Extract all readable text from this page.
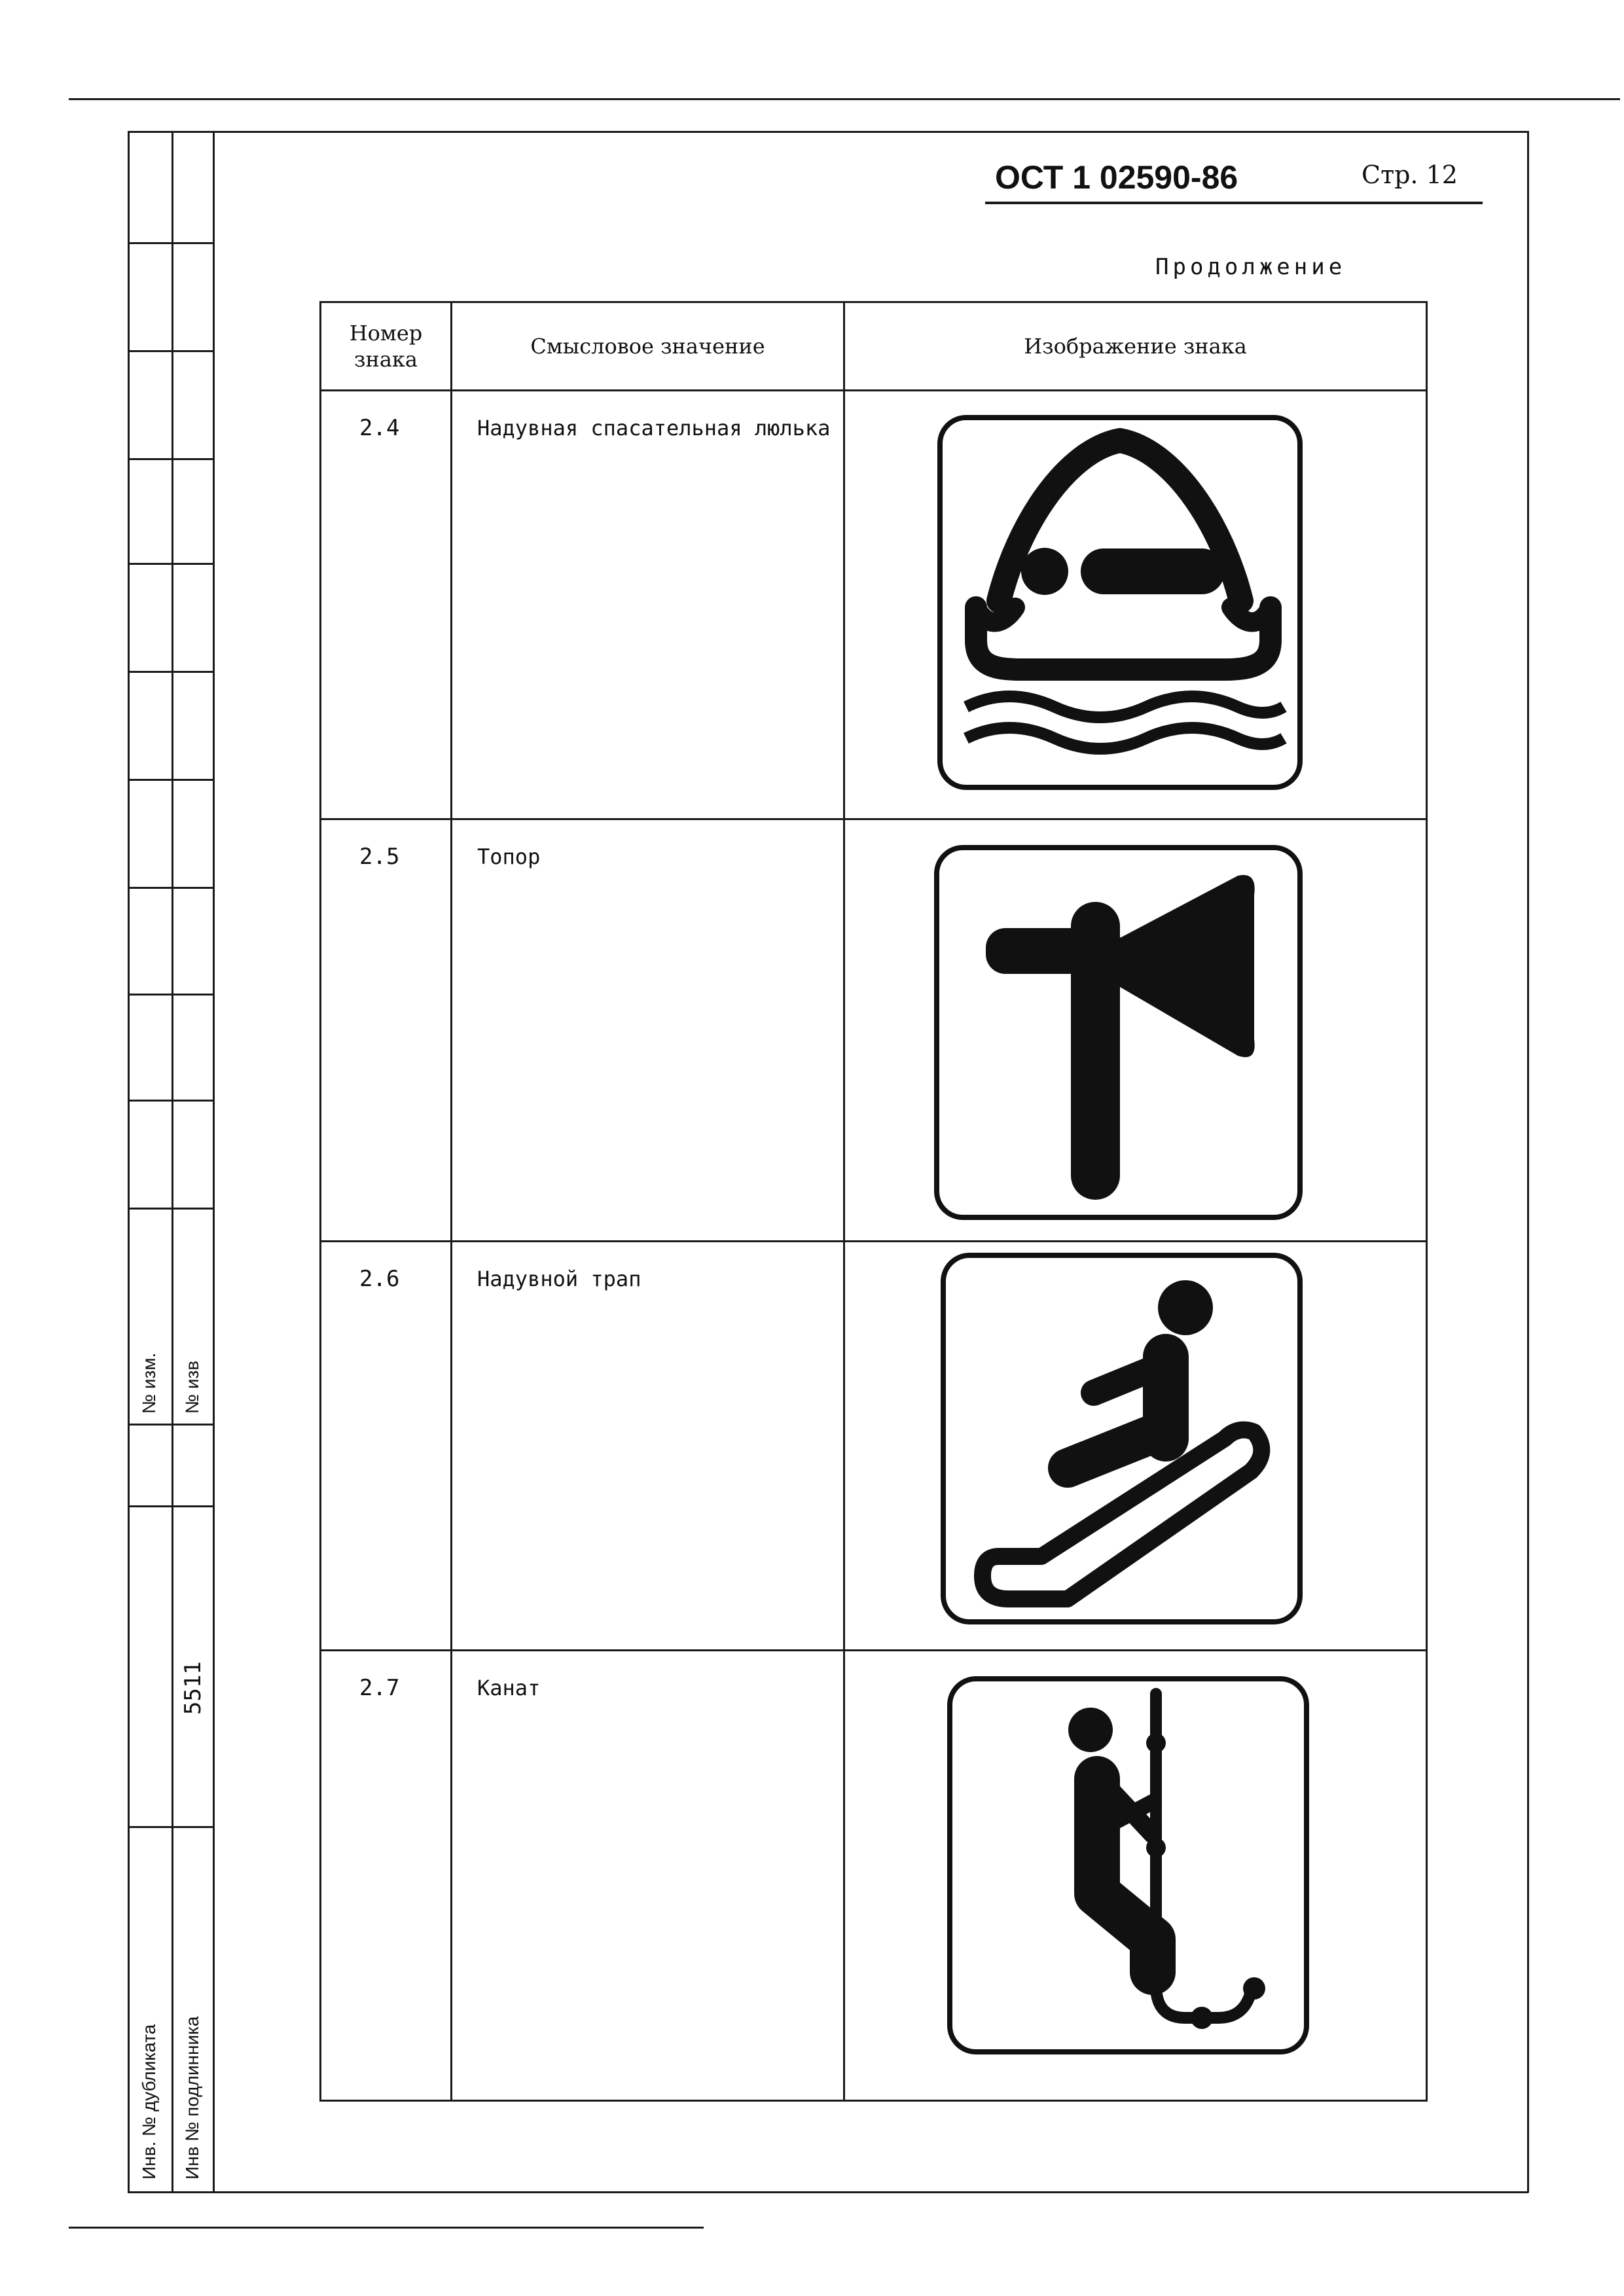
№ изм. № изв
Инв. № дубликата Инв № подлинника
5511
ОСТ 1 02590-86	Стр. 12
Продолжение
Номер знака	Смысловое значение	Изображение знака
2.4	Надувная спасательная люлька	

2.5	Топор	

2.6	Надувной трап	

2.7	Канат	
